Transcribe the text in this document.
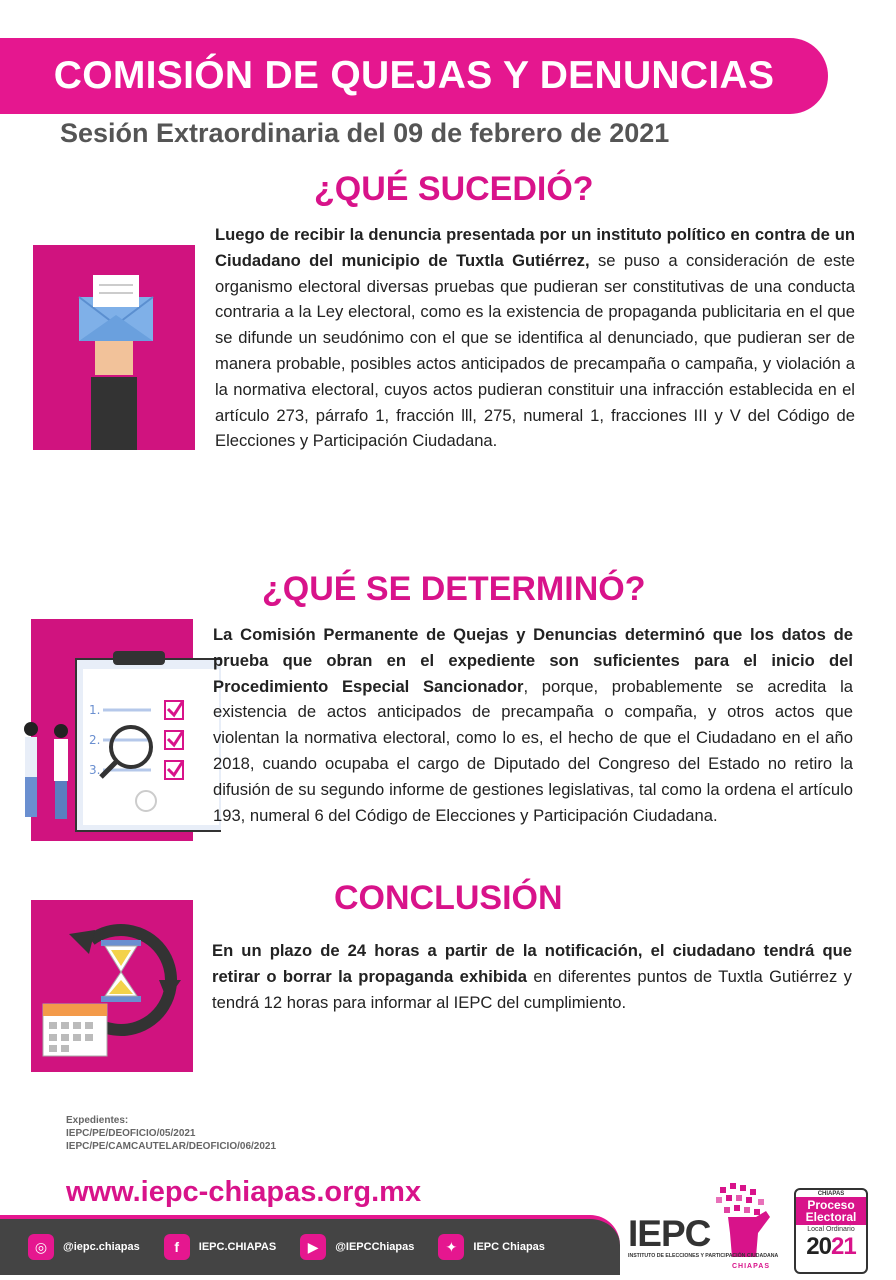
COMISIÓN DE QUEJAS Y DENUNCIAS
Sesión Extraordinaria del 09 de febrero de 2021
¿QUÉ SUCEDIÓ?
Luego de recibir la denuncia presentada por un instituto político en contra de un Ciudadano del municipio de Tuxtla Gutiérrez, se puso a consideración de este organismo electoral diversas pruebas que pudieran ser constitutivas de una conducta contraria a la Ley electoral, como es la existencia de propaganda publicitaria en el que se difunde un seudónimo con el que se identifica al denunciado, que pudieran ser de manera probable, posibles actos anticipados de precampaña o campaña, y violación a la normativa electoral, cuyos actos pudieran constituir una infracción establecida en el artículo 273, párrafo 1, fracción lll, 275, numeral 1, fracciones III y V del Código de Elecciones y Participación Ciudadana.
¿QUÉ SE DETERMINÓ?
1.
2.
3.
La Comisión Permanente de Quejas y Denuncias determinó que los datos de prueba que obran en el expediente son suficientes para el inicio del Procedimiento Especial Sancionador, porque, probablemente se acredita la existencia de actos anticipados de precampaña o compaña, y otros actos que violentan la normativa electoral, como lo es, el hecho de que el Ciudadano en el año 2018, cuando ocupaba el cargo de Diputado del Congreso del Estado no retiro la difusión de su segundo informe de gestiones legislativas, tal como la ordena el artículo 193, numeral 6 del Código de Elecciones y Participación Ciudadana.
CONCLUSIÓN
En un plazo de 24 horas a partir de la notificación, el ciudadano tendrá que retirar o borrar la propaganda exhibida en diferentes puntos de Tuxtla Gutiérrez y tendrá 12 horas para informar al IEPC del cumplimiento.
Expedientes:
IEPC/PE/DEOFICIO/05/2021
IEPC/PE/CAMCAUTELAR/DEOFICIO/06/2021
www.iepc-chiapas.org.mx
◎	@iepc.chiapas	f	IEPC.CHIAPAS	▶	@IEPCChiapas	✦	IEPC Chiapas IEPC
INSTITUTO DE ELECCIONES Y PARTICIPACIÓN CIUDADANA
CHIAPAS
CHIAPAS
Proceso
Electoral
Local Ordinario
2021
